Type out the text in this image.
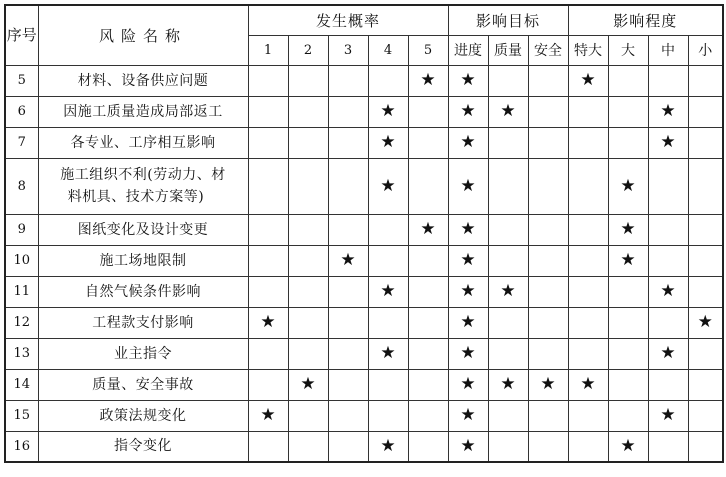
序号	风险名称	发生概率					影响目标			影响程度			
		1	2	3	4	5	进度	质量	安全	特大	大	中	小
5	材料、设备供应问题					★	★			★			
6	因施工质量造成局部返工				★		★	★				★	
7	各专业、工序相互影响				★		★					★	
8	施工组织不利(劳动力、材
料机具、技术方案等)				★		★				★		
9	图纸变化及设计变更					★	★				★		
10	施工场地限制			★			★				★		
11	自然气候条件影响				★		★	★				★	
12	工程款支付影响	★					★						★
13	业主指令				★		★					★	
14	质量、安全事故		★				★	★	★	★			
15	政策法规变化	★					★					★	
16	指令变化				★		★				★		
